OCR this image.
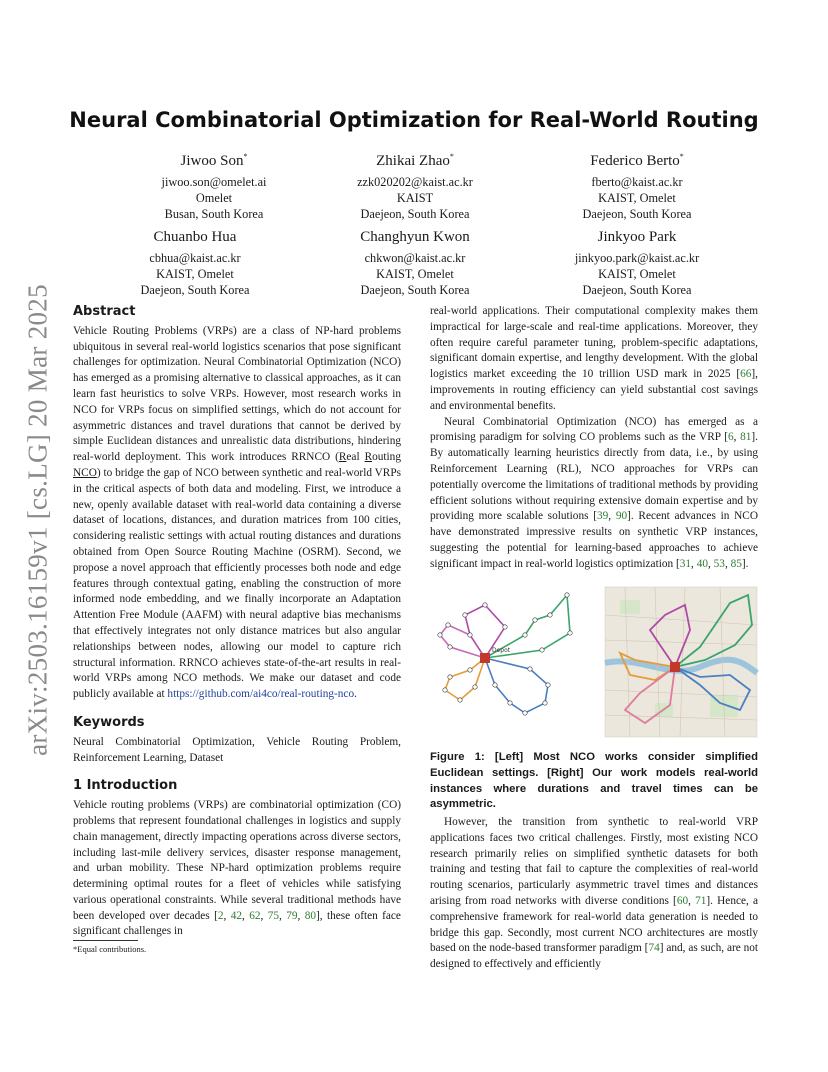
arXiv:2503.16159v1 [cs.LG] 20 Mar 2025
Neural Combinatorial Optimization for Real-World Routing
Jiwoo Son*
jiwoo.son@omelet.ai
Omelet
Busan, South Korea
Zhikai Zhao*
zzk020202@kaist.ac.kr
KAIST
Daejeon, South Korea
Federico Berto*
fberto@kaist.ac.kr
KAIST, Omelet
Daejeon, South Korea
Chuanbo Hua
cbhua@kaist.ac.kr
KAIST, Omelet
Daejeon, South Korea
Changhyun Kwon
chkwon@kaist.ac.kr
KAIST, Omelet
Daejeon, South Korea
Jinkyoo Park
jinkyoo.park@kaist.ac.kr
KAIST, Omelet
Daejeon, South Korea
Abstract

Vehicle Routing Problems (VRPs) are a class of NP-hard problems ubiquitous in several real-world logistics scenarios that pose significant challenges for optimization. Neural Combinatorial Optimization (NCO) has emerged as a promising alternative to classical approaches, as it can learn fast heuristics to solve VRPs. However, most research works in NCO for VRPs focus on simplified settings, which do not account for asymmetric distances and travel durations that cannot be derived by simple Euclidean distances and unrealistic data distributions, hindering real-world deployment. This work introduces RRNCO (Real Routing NCO) to bridge the gap of NCO between synthetic and real-world VRPs in the critical aspects of both data and modeling. First, we introduce a new, openly available dataset with real-world data containing a diverse dataset of locations, distances, and duration matrices from 100 cities, considering realistic settings with actual routing distances and durations obtained from Open Source Routing Machine (OSRM). Second, we propose a novel approach that efficiently processes both node and edge features through contextual gating, enabling the construction of more informed node embedding, and we finally incorporate an Adaptation Attention Free Module (AAFM) with neural adaptive bias mechanisms that effectively integrates not only distance matrices but also angular relationships between nodes, allowing our model to capture rich structural information. RRNCO achieves state-of-the-art results in real-world VRPs among NCO methods. We make our dataset and code publicly available at https://github.com/ai4co/real-routing-nco.

Keywords

Neural Combinatorial Optimization, Vehicle Routing Problem, Reinforcement Learning, Dataset

1 Introduction

Vehicle routing problems (VRPs) are combinatorial optimization (CO) problems that represent foundational challenges in logistics and supply chain management, directly impacting operations across diverse sectors, including last-mile delivery services, disaster response management, and urban mobility. These NP-hard optimization problems require determining optimal routes for a fleet of vehicles while satisfying various operational constraints. While several traditional methods have been developed over decades [2, 42, 62, 75, 79, 80], these often face significant challenges in

*Equal contributions.

real-world applications. Their computational complexity makes them impractical for large-scale and real-time applications. Moreover, they often require careful parameter tuning, problem-specific adaptations, significant domain expertise, and lengthy development. With the global logistics market exceeding the 10 trillion USD mark in 2025 [66], improvements in routing efficiency can yield substantial cost savings and environmental benefits.

Neural Combinatorial Optimization (NCO) has emerged as a promising paradigm for solving CO problems such as the VRP [6, 81]. By automatically learning heuristics directly from data, i.e., by using Reinforcement Learning (RL), NCO approaches for VRPs can potentially overcome the limitations of traditional methods by providing efficient solutions without requiring extensive domain expertise and by providing more scalable solutions [39, 90]. Recent advances in NCO have demonstrated impressive results on synthetic VRP instances, suggesting the potential for learning-based approaches to achieve significant impact in real-world logistics optimization [31, 40, 53, 85].

Depot
Figure 1: [Left] Most NCO works consider simplified Euclidean settings. [Right] Our work models real-world instances where durations and travel times can be asymmetric.

However, the transition from synthetic to real-world VRP applications faces two critical challenges. Firstly, most existing NCO research primarily relies on simplified synthetic datasets for both training and testing that fail to capture the complexities of real-world routing scenarios, particularly asymmetric travel times and distances arising from road networks with diverse conditions [60, 71]. Hence, a comprehensive framework for real-world data generation is needed to bridge this gap. Secondly, most current NCO architectures are mostly based on the node-based transformer paradigm [74] and, as such, are not designed to effectively and efficiently
